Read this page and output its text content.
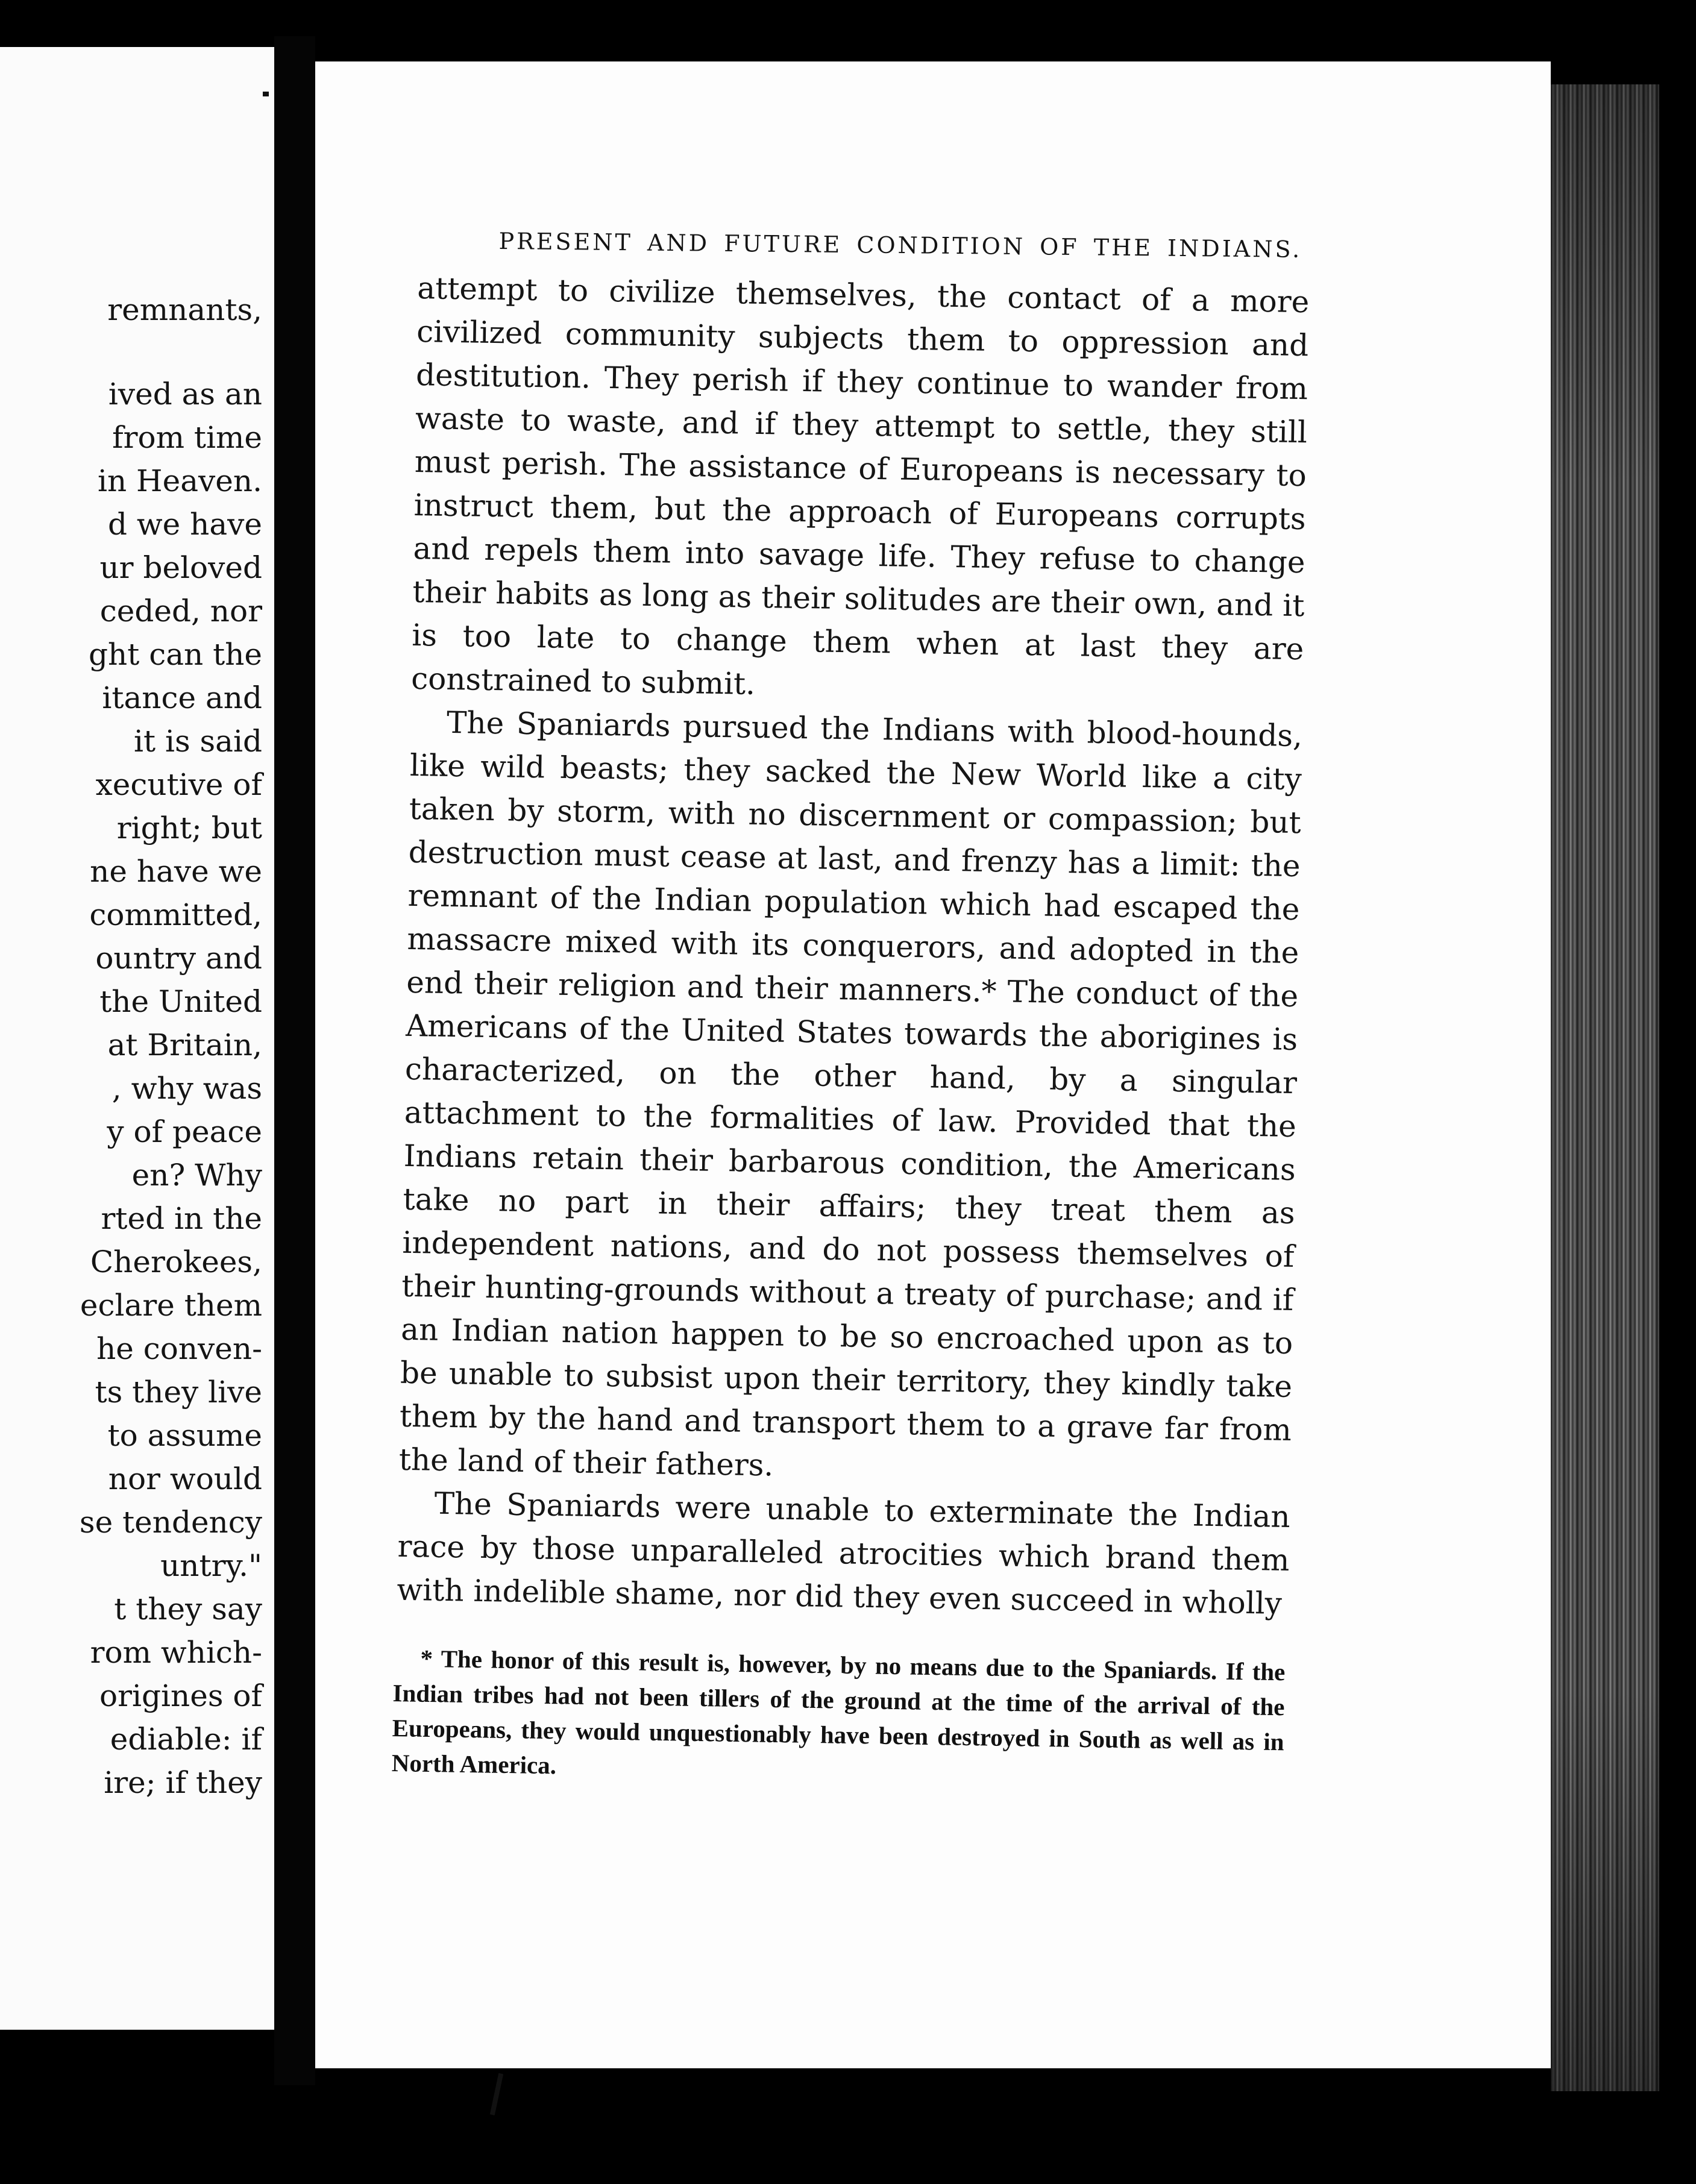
remnants,
ived as an
from time
in Heaven.
d we have
ur beloved
ceded, nor
ght can the
itance and
it is said
xecutive of
right; but
ne have we
committed,
ountry and
the United
at Britain,
, why was
y of peace
en? Why
rted in the
Cherokees,
eclare them
he conven-
ts they live
to assume
nor would
se tendency
untry."
t they say
rom which-
origines of
ediable: if
ire; if they
PRESENT AND FUTURE CONDITION OF THE INDIANS.

attempt to civilize themselves, the contact of a more civilized community subjects them to oppression and destitution. They perish if they continue to wander from waste to waste, and if they attempt to settle, they still must perish. The assistance of Europeans is necessary to instruct them, but the approach of Europeans corrupts and repels them into savage life. They refuse to change their habits as long as their solitudes are their own, and it is too late to change them when at last they are constrained to submit.

The Spaniards pursued the Indians with blood-hounds, like wild beasts; they sacked the New World like a city taken by storm, with no discernment or compassion; but destruction must cease at last, and frenzy has a limit: the remnant of the Indian population which had escaped the massacre mixed with its conquerors, and adopted in the end their religion and their manners.* The conduct of the Americans of the United States towards the aborigines is characterized, on the other hand, by a singular attachment to the formalities of law. Provided that the Indians retain their barbarous condition, the Americans take no part in their affairs; they treat them as independent nations, and do not possess themselves of their hunting-grounds without a treaty of purchase; and if an Indian nation happen to be so encroached upon as to be unable to subsist upon their territory, they kindly take them by the hand and transport them to a grave far from the land of their fathers.

The Spaniards were unable to exterminate the Indian race by those unparalleled atrocities which brand them with indelible shame, nor did they even succeed in wholly

* The honor of this result is, however, by no means due to the Spaniards. If the Indian tribes had not been tillers of the ground at the time of the arrival of the Europeans, they would unquestionably have been destroyed in South as well as in North America.
